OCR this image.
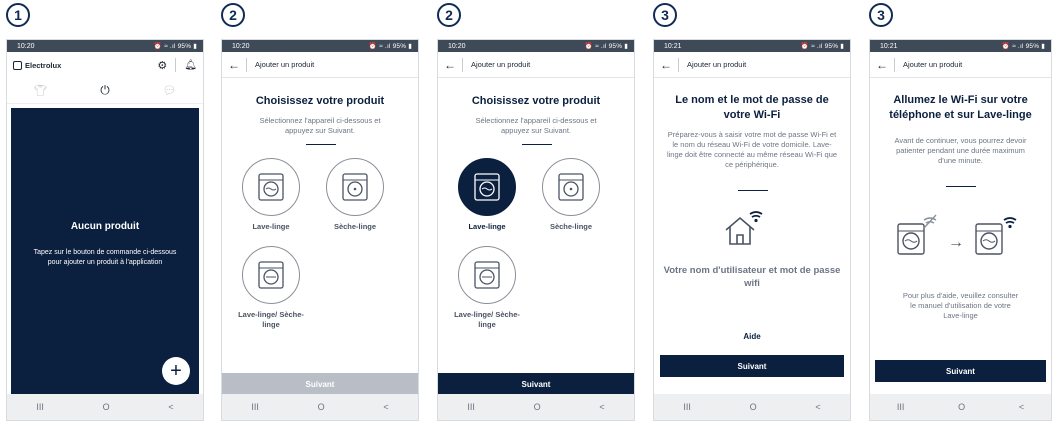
1	2	2	3	3
10:20	⏰ ≈ .ıl 95% ▮
Electrolux	⚙ 🔔︎
👕︎	⏻	💬︎
Aucun produit
Tapez sur le bouton de commande ci-dessous pour ajouter un produit à l'application
+
III	O	<
10:20	⏰ ≈ .ıl 95% ▮
← Ajouter un produit
Choisissez votre produit
Sélectionnez l'appareil ci-dessous et appuyez sur Suivant.
Lave-linge	Sèche-linge
Lave-linge/ Sèche-linge
Suivant
III	O	<
10:20	⏰ ≈ .ıl 95% ▮
← Ajouter un produit
Choisissez votre produit
Sélectionnez l'appareil ci-dessous et appuyez sur Suivant.
Lave-linge	Sèche-linge
Lave-linge/ Sèche-linge
Suivant
III	O	<
10:21	⏰ ≈ .ıl 95% ▮
← Ajouter un produit
Le nom et le mot de passe de votre Wi-Fi
Préparez-vous à saisir votre mot de passe Wi-Fi et le nom du réseau Wi-Fi de votre domicile. Lave-linge doit être connecté au même réseau Wi-Fi que ce périphérique.
Votre nom d'utilisateur et mot de passe wifi
Aide
Suivant
III	O	<
10:21	⏰ ≈ .ıl 95% ▮
← Ajouter un produit
Allumez le Wi-Fi sur votre téléphone et sur Lave-linge
Avant de continuer, vous pourrez devoir patienter pendant une durée maximum d'une minute.
→
Pour plus d'aide, veuillez consulter le manuel d'utilisation de votre Lave-linge
Suivant
III	O	<
